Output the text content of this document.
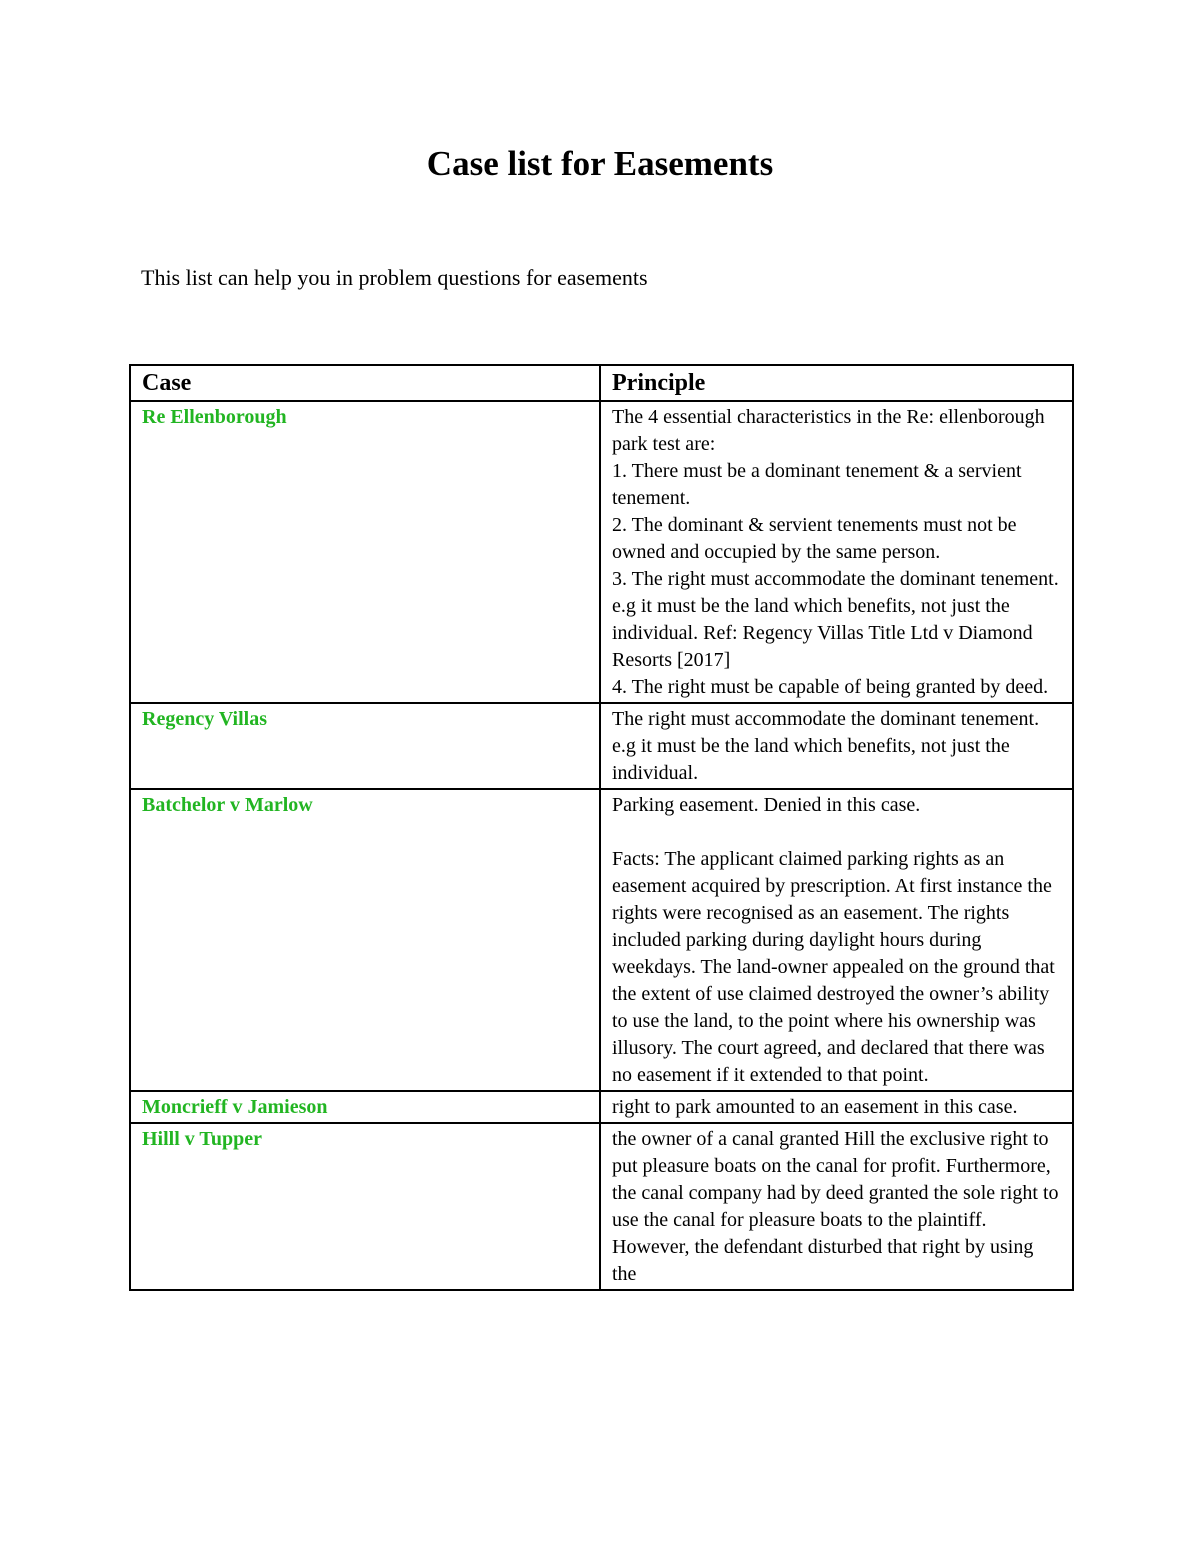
Case list for Easements

This list can help you in problem questions for easements

Case	Principle
Re Ellenborough	The 4 essential characteristics in the Re: ellenborough park test are:
1. There must be a dominant tenement & a servient tenement.
2. The dominant & servient tenements must not be owned and occupied by the same person.
3. The right must accommodate the dominant tenement. e.g it must be the land which benefits, not just the individual. Ref: Regency Villas Title Ltd v Diamond Resorts [2017]
4. The right must be capable of being granted by deed.
Regency Villas	The right must accommodate the dominant tenement. e.g it must be the land which benefits, not just the individual.
Batchelor v Marlow	Parking easement. Denied in this case.

Facts: The applicant claimed parking rights as an easement acquired by prescription. At first instance the rights were recognised as an easement. The rights included parking during daylight hours during weekdays. The land-owner appealed on the ground that the extent of use claimed destroyed the owner’s ability to use the land, to the point where his ownership was illusory. The court agreed, and declared that there was no easement if it extended to that point.
Moncrieff v Jamieson	right to park amounted to an easement in this case.
Hilll v Tupper	the owner of a canal granted Hill the exclusive right to put pleasure boats on the canal for profit. Furthermore, the canal company had by deed granted the sole right to use the canal for pleasure boats to the plaintiff. However, the defendant disturbed that right by using the
